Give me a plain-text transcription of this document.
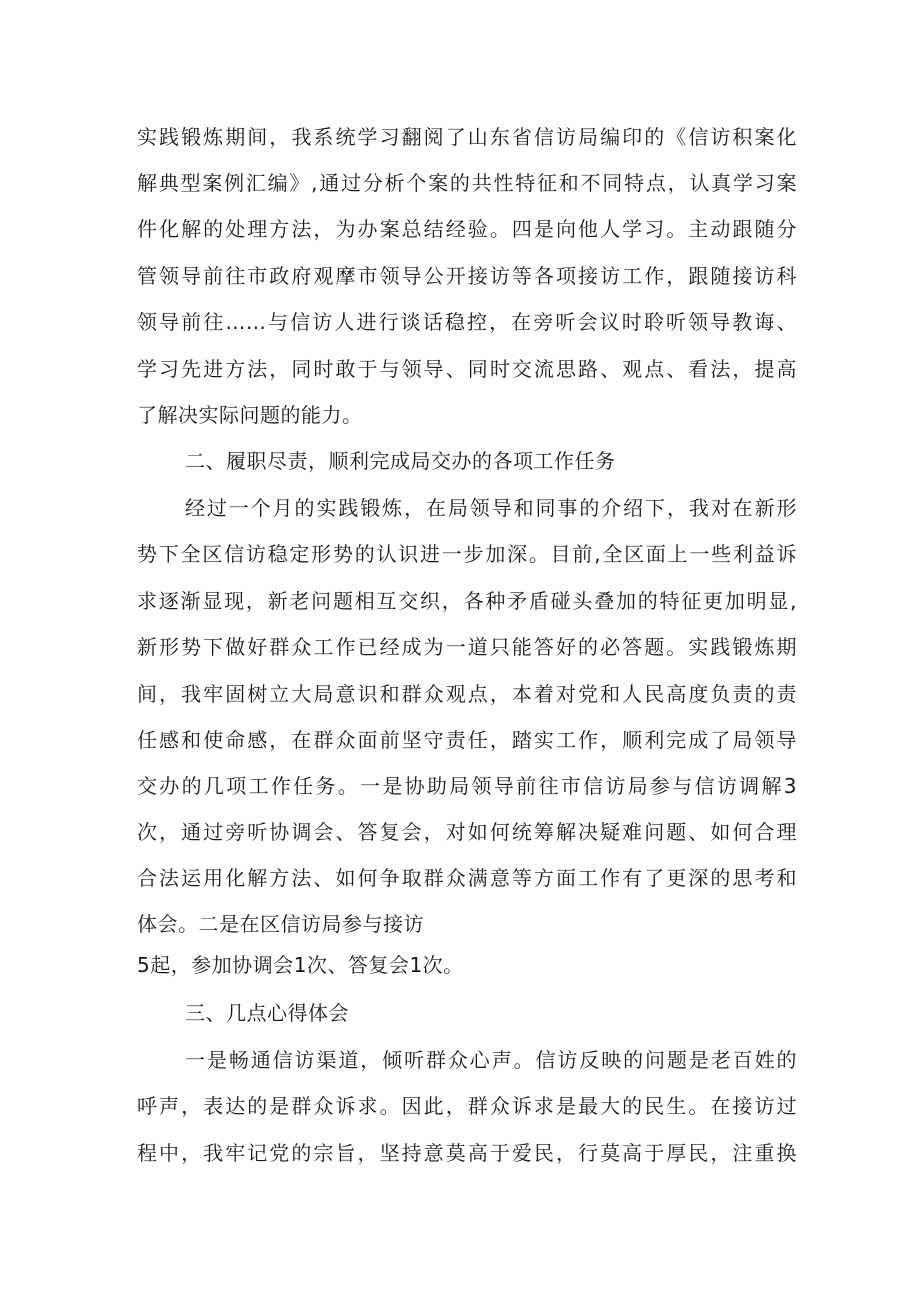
实践锻炼期间，我系统学习翻阅了山东省信访局编印的《信访积案化
解典型案例汇编》,通过分析个案的共性特征和不同特点，认真学习案
件化解的处理方法，为办案总结经验。四是向他人学习。主动跟随分
管领导前往市政府观摩市领导公开接访等各项接访工作，跟随接访科
领导前往……与信访人进行谈话稳控，在旁听会议时聆听领导教诲、
学习先进方法，同时敢于与领导、同时交流思路、观点、看法，提高
了解决实际问题的能力。
二、履职尽责，顺利完成局交办的各项工作任务
经过一个月的实践锻炼，在局领导和同事的介绍下，我对在新形
势下全区信访稳定形势的认识进一步加深。目前,全区面上一些利益诉
求逐渐显现，新老问题相互交织，各种矛盾碰头叠加的特征更加明显,
新形势下做好群众工作已经成为一道只能答好的必答题。实践锻炼期
间，我牢固树立大局意识和群众观点，本着对党和人民高度负责的责
任感和使命感，在群众面前坚守责任，踏实工作，顺利完成了局领导
交办的几项工作任务。一是协助局领导前往市信访局参与信访调解3
次，通过旁听协调会、答复会，对如何统筹解决疑难问题、如何合理
合法运用化解方法、如何争取群众满意等方面工作有了更深的思考和
体会。二是在区信访局参与接访
5起，参加协调会1次、答复会1次。
三、几点心得体会
一是畅通信访渠道，倾听群众心声。信访反映的问题是老百姓的
呼声，表达的是群众诉求。因此，群众诉求是最大的民生。在接访过
程中，我牢记党的宗旨，坚持意莫高于爱民，行莫高于厚民，注重换
